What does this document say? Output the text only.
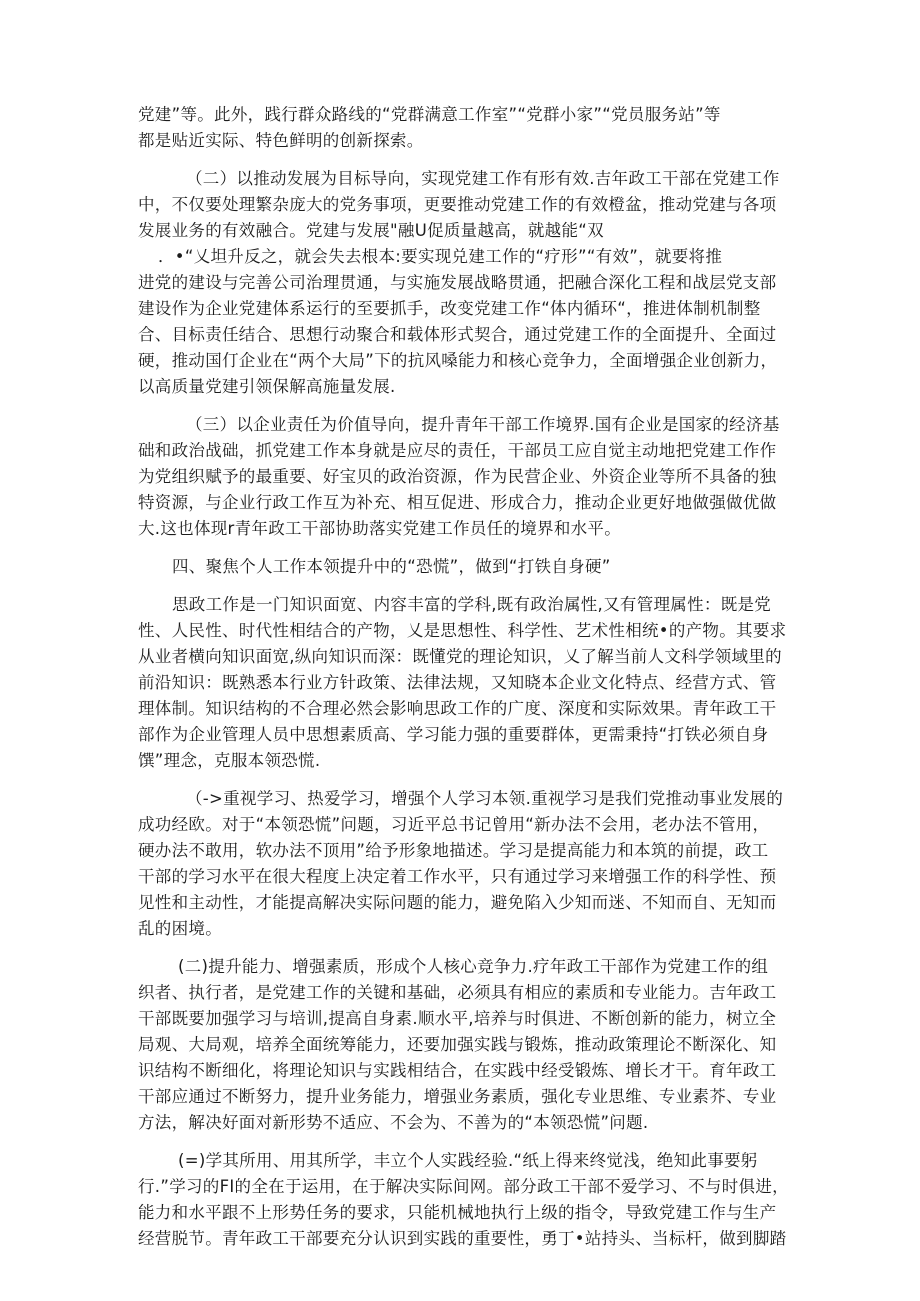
党建”等。此外，践行群众路线的“党群满意工作室”“党群小家”“党员服务站”等
都是贴近实际、特色鲜明的创新探索。
（二）以推动发展为目标导向，实现党建工作有形有效.吉年政工干部在党建工作
中，不仅要处理繁杂庞大的党务事项，更要推动党建工作的有效橙盆，推动党建与各项
发展业务的有效融合。党建与发展"融U促质量越高，就越能“双
．•“乂坦升反之，就会失去根本:要实现兑建工作的“疗形”“有效”，就要将推
进党的建设与完善公司治理贯通，与实施发展战略贯通，把融合深化工程和战层党支部
建设作为企业党建体系运行的至要抓手，改变党建工作“体内循环“，推进体制机制整
合、目标责任结合、思想行动聚合和载体形式契合，通过党建工作的全面提升、全面过
硬，推动国仃企业在“两个大局”下的抗风嗓能力和核心竞争力，全面增强企业创新力，
以高质量党建引领保解高施量发展.
（三）以企业责任为价值导向，提升青年干部工作境界.国有企业是国家的经济基
础和政治战础，抓党建工作本身就是应尽的责任，干部员工应自觉主动地把党建工作作
为党组织赋予的最重要、好宝贝的政治资源，作为民营企业、外资企业等所不具备的独
特资源，与企业行政工作互为补充、相互促进、形成合力，推动企业更好地做强做优做
大.这也体现r青年政工干部协助落实党建工作员任的境界和水平。
四、聚焦个人工作本领提升中的“恐慌”，做到“打铁自身硬”
思政工作是一门知识面宽、内容丰富的学科,既有政治属性,又有管理属性：既是党
性、人民性、时代性相结合的产物，乂是思想性、科学性、艺术性相统•的产物。其要求
从业者横向知识面宽,纵向知识而深：既懂党的理论知识，乂了解当前人文科学领域里的
前沿知识：既熟悉本行业方针政策、法律法规，又知晓本企业文化特点、经营方式、管
理体制。知识结构的不合理必然会影响思政工作的广度、深度和实际效果。青年政工干
部作为企业管理人员中思想素质高、学习能力强的重要群体，更需秉持“打铁必须自身
馔”理念，克服本领恐慌.
（->重视学习、热爱学习，增强个人学习本领.重视学习是我们党推动事业发展的
成功经欧。对于“本领恐慌”问题，习近平总书记曾用“新办法不会用，老办法不管用，
硬办法不敢用，软办法不顶用”给予形象地描述。学习是提高能力和本筑的前提，政工
干部的学习水平在很大程度上决定着工作水平，只有通过学习来增强工作的科学性、预
见性和主动性，才能提高解决实际问题的能力，避免陷入少知而迷、不知而自、无知而
乱的困境。
(二)提升能力、增强素质，形成个人核心竞争力.疗年政工干部作为党建工作的组
织者、执行者，是党建工作的关键和基础，必须具有相应的素质和专业能力。吉年政工
干部既要加强学习与培训,提高自身素.顺水平,培养与时俱进、不断创新的能力，树立全
局观、大局观，培养全面统筹能力，还要加强实践与锻炼，推动政策理论不断深化、知
识结构不断细化，将理论知识与实践相结合，在实践中经受锻炼、增长才干。育年政工
干部应通过不断努力，提升业务能力，增强业务素质，强化专业思维、专业素芥、专业
方法，解决好面对新形势不适应、不会为、不善为的“本领恐慌”问题.
(=)学其所用、用其所学，丰立个人实践经验.“纸上得来终觉浅，绝知此事要躬
行.”学习的FI的全在于运用，在于解决实际间网。部分政工干部不爱学习、不与时俱进，
能力和水平跟不上形势任务的要求，只能机械地执行上级的指令，导致党建工作与生产
经营脱节。青年政工干部要充分认识到实践的重要性，勇丁•站持头、当标杆，做到脚踏
